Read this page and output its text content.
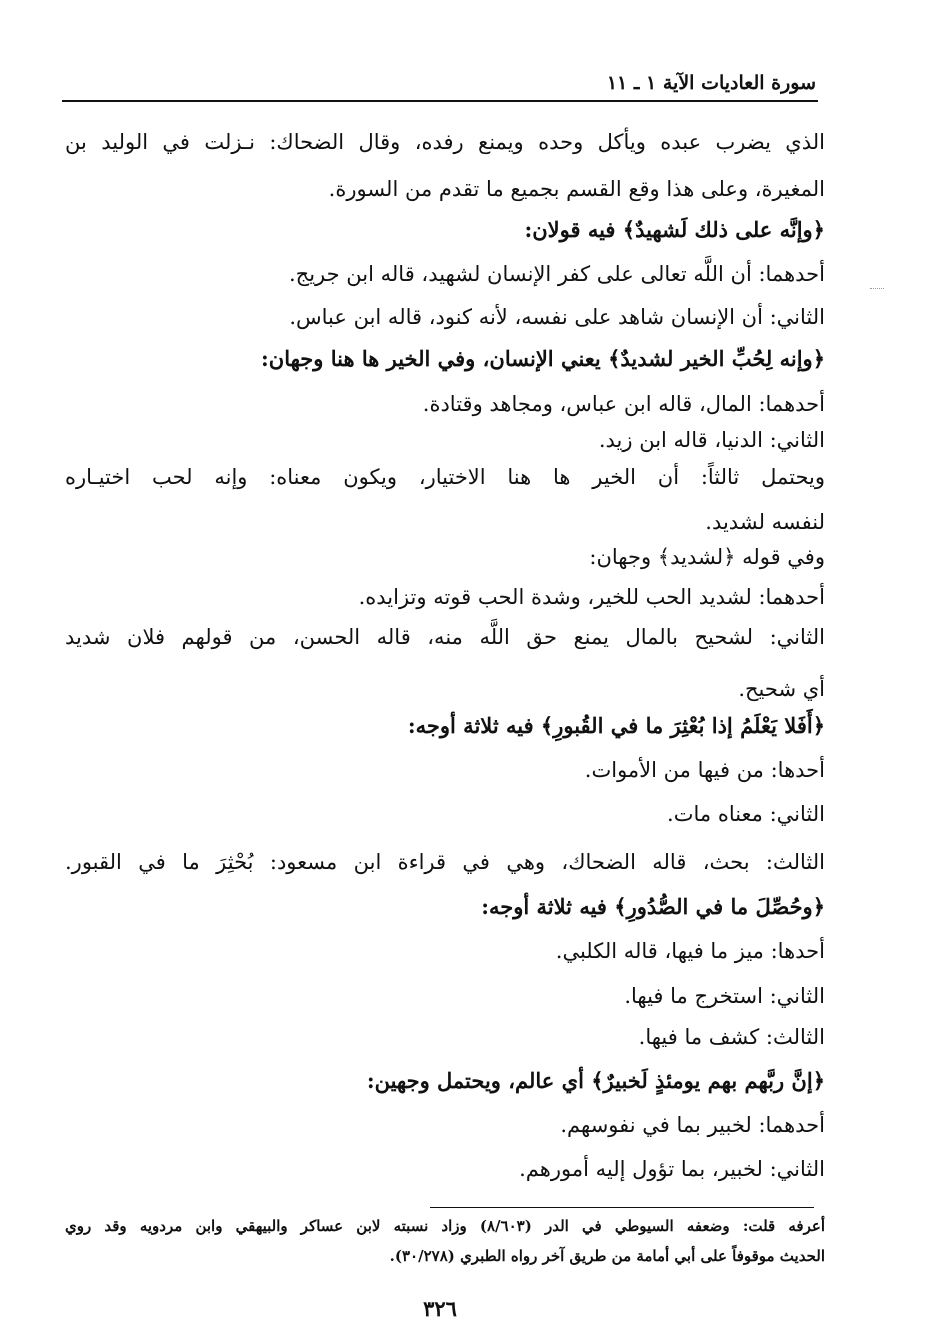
سورة العاديات الآية ١ ـ ١١
الذي يضرب عبده ويأكل وحده ويمنع رفده، وقال الضحاك: نـزلت في الوليد بن
المغيرة، وعلى هذا وقع القسم بجميع ما تقدم من السورة.
﴿وإنَّه على ذلك لَشهيدٌ﴾ فيه قولان:
أحدهما: أن اللَّه تعالى على كفر الإنسان لشهيد، قاله ابن جريج.
الثاني: أن الإنسان شاهد على نفسه، لأنه كنود، قاله ابن عباس.
﴿وإنه لِحُبِّ الخير لشديدٌ﴾ يعني الإنسان، وفي الخير ها هنا وجهان:
أحدهما: المال، قاله ابن عباس، ومجاهد وقتادة.
الثاني: الدنيا، قاله ابن زيد.
ويحتمل ثالثاً: أن الخير ها هنا الاختيار، ويكون معناه: وإنه لحب اختيـاره
لنفسه لشديد.
وفي قوله ﴿لشديد﴾ وجهان:
أحدهما: لشديد الحب للخير، وشدة الحب قوته وتزايده.
الثاني: لشحيح بالمال يمنع حق اللَّه منه، قاله الحسن، من قولهم فلان شديد
أي شحيح.
﴿أَفَلا يَعْلَمُ إذا بُعْثِرَ ما في القُبورِ﴾ فيه ثلاثة أوجه:
أحدها: من فيها من الأموات.
الثاني: معناه مات.
الثالث: بحث، قاله الضحاك، وهي في قراءة ابن مسعود: بُحْثِرَ ما في القبور.
﴿وحُصِّلَ ما في الصُّدُورِ﴾ فيه ثلاثة أوجه:
أحدها: ميز ما فيها، قاله الكلبي.
الثاني: استخرج ما فيها.
الثالث: كشف ما فيها.
﴿إنَّ ربَّهم بهم يومئذٍ لَخبيرٌ﴾ أي عالم، ويحتمل وجهين:
أحدهما: لخبير بما في نفوسهم.
الثاني: لخبير، بما تؤول إليه أمورهم.
أعرفه قلت: وضعفه السيوطي في الدر (٨/٦٠٣) وزاد نسبته لابن عساكر والبيهقي وابن مردويه وقد روي
الحديث موقوفاً على أبي أمامة من طريق آخر رواه الطبري (٣٠/٢٧٨).
٣٢٦
